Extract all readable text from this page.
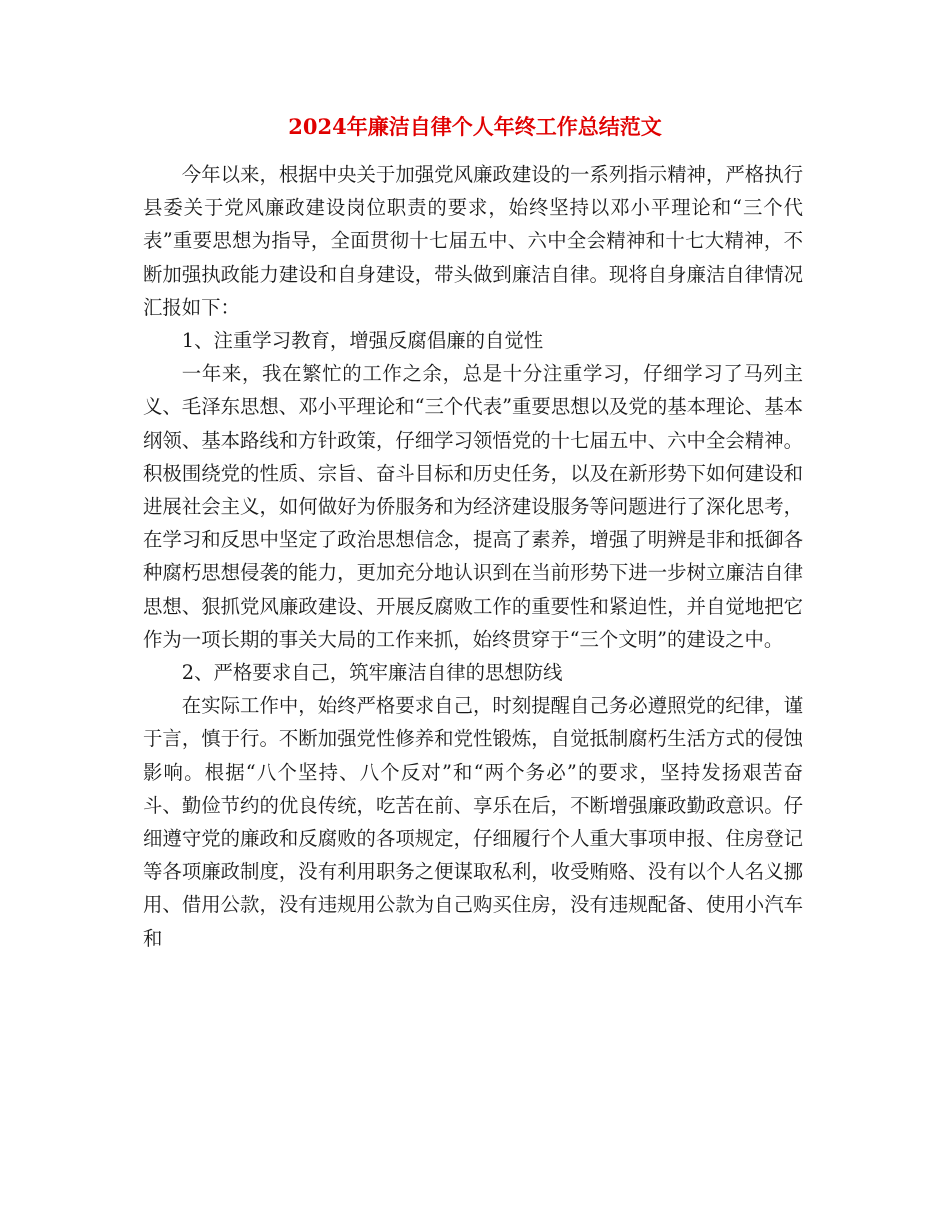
2024年廉洁自律个人年终工作总结范文

今年以来，根据中央关于加强党风廉政建设的一系列指示精神，严格执行县委关于党风廉政建设岗位职责的要求，始终坚持以邓小平理论和“三个代表”重要思想为指导，全面贯彻十七届五中、六中全会精神和十七大精神，不断加强执政能力建设和自身建设，带头做到廉洁自律。现将自身廉洁自律情况汇报如下：

1、注重学习教育，增强反腐倡廉的自觉性

一年来，我在繁忙的工作之余，总是十分注重学习，仔细学习了马列主义、毛泽东思想、邓小平理论和“三个代表”重要思想以及党的基本理论、基本纲领、基本路线和方针政策，仔细学习领悟党的十七届五中、六中全会精神。积极围绕党的性质、宗旨、奋斗目标和历史任务，以及在新形势下如何建设和进展社会主义，如何做好为侨服务和为经济建设服务等问题进行了深化思考，在学习和反思中坚定了政治思想信念，提高了素养，增强了明辨是非和抵御各种腐朽思想侵袭的能力，更加充分地认识到在当前形势下进一步树立廉洁自律思想、狠抓党风廉政建设、开展反腐败工作的重要性和紧迫性，并自觉地把它作为一项长期的事关大局的工作来抓，始终贯穿于“三个文明”的建设之中。

2、严格要求自己，筑牢廉洁自律的思想防线

在实际工作中，始终严格要求自己，时刻提醒自己务必遵照党的纪律，谨于言，慎于行。不断加强党性修养和党性锻炼，自觉抵制腐朽生活方式的侵蚀影响。根据“八个坚持、八个反对”和“两个务必”的要求，坚持发扬艰苦奋斗、勤俭节约的优良传统，吃苦在前、享乐在后，不断增强廉政勤政意识。仔细遵守党的廉政和反腐败的各项规定，仔细履行个人重大事项申报、住房登记等各项廉政制度，没有利用职务之便谋取私利，收受贿赂、没有以个人名义挪用、借用公款，没有违规用公款为自己购买住房，没有违规配备、使用小汽车和
